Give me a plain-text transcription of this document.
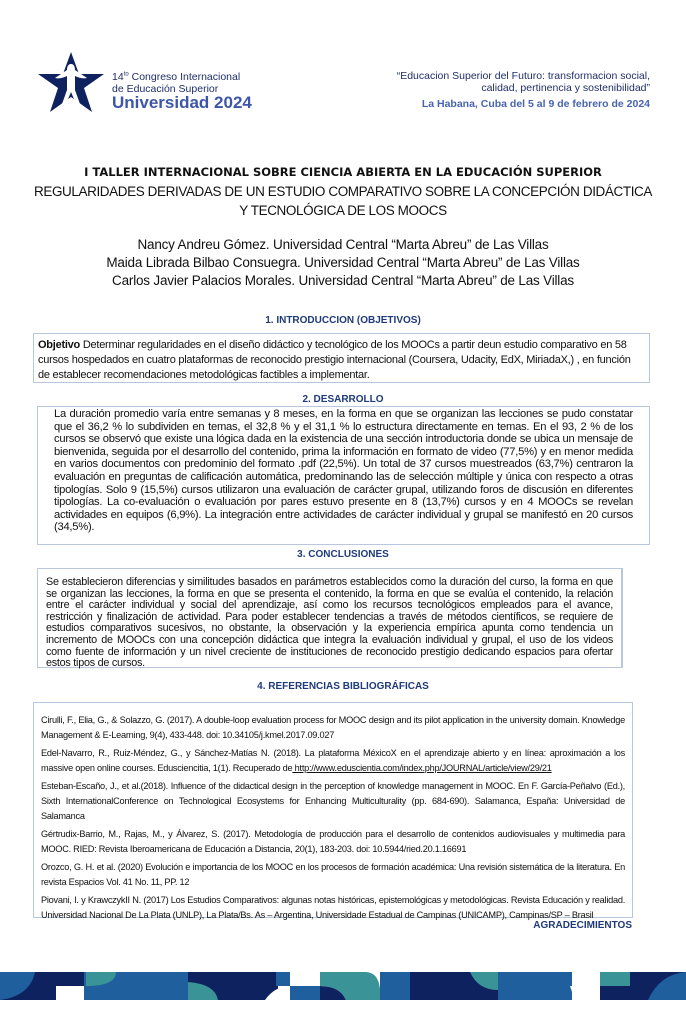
$14^{to}$ Congreso Internacional
de Educación Superior
Universidad 2024
“Educacion Superior del Futuro: transformacion social,
calidad, pertinencia y sostenibilidad”
La Habana, Cuba del 5 al 9 de febrero de 2024
I TALLER INTERNACIONAL SOBRE CIENCIA ABIERTA EN LA EDUCACIÓN SUPERIOR
REGULARIDADES DERIVADAS DE UN ESTUDIO COMPARATIVO SOBRE LA CONCEPCIÓN DIDÁCTICA
Y TECNOLÓGICA DE LOS MOOCS
Nancy Andreu Gómez. Universidad Central “Marta Abreu” de Las Villas
Maida Librada Bilbao Consuegra. Universidad Central “Marta Abreu” de Las Villas
Carlos Javier Palacios Morales. Universidad Central “Marta Abreu” de Las Villas
1. INTRODUCCION (OBJETIVOS)
Objetivo Determinar regularidades en el diseño didáctico y tecnológico de los MOOCs a partir deun estudio comparativo en 58 cursos hospedados en cuatro plataformas de reconocido prestigio internacional (Coursera, Udacity, EdX, MiriadaX,) , en función de establecer recomendaciones metodológicas factibles a implementar.
2. DESARROLLO
La duración promedio varía entre semanas y 8 meses, en la forma en que se organizan las lecciones se pudo constatar que el 36,2 % lo subdividen en temas, el 32,8 % y el 31,1 % lo estructura directamente en temas. En el 93, 2 % de los cursos se observó que existe una lógica dada en la existencia de una sección introductoria donde se ubica un mensaje de bienvenida, seguida por el desarrollo del contenido, prima la información en formato de video (77,5%) y en menor medida en varios documentos con predominio del formato .pdf (22,5%). Un total de 37 cursos muestreados (63,7%) centraron la evaluación en preguntas de calificación automática, predominando las de selección múltiple y única con respecto a otras tipologías. Solo 9 (15,5%) cursos utilizaron una evaluación de carácter grupal, utilizando foros de discusión en diferentes tipologías. La co-evaluación o evaluación por pares estuvo presente en 8 (13,7%) cursos y en 4 MOOCs se revelan actividades en equipos (6,9%). La integración entre actividades de carácter individual y grupal se manifestó en 20 cursos (34,5%).
3. CONCLUSIONES
Se establecieron diferencias y similitudes basados en parámetros establecidos como la duración del curso, la forma en que se organizan las lecciones, la forma en que se presenta el contenido, la forma en que se evalúa el contenido, la relación entre el carácter individual y social del aprendizaje, así como los recursos tecnológicos empleados para el avance, restricción y finalización de actividad. Para poder establecer tendencias a través de métodos científicos, se requiere de estudios comparativos sucesivos, no obstante, la observación y la experiencia empírica apunta como tendencia un incremento de MOOCs con una concepción didáctica que integra la evaluación individual y grupal, el uso de los videos como fuente de información y un nivel creciente de instituciones de reconocido prestigio dedicando espacios para ofertar estos tipos de cursos.
4. REFERENCIAS BIBLIOGRÁFICAS

Cirulli, F., Elia, G., & Solazzo, G. (2017). A double-loop evaluation process for MOOC design and its pilot application in the university domain. Knowledge Management & E-Learning, 9(4), 433-448. doi: 10.34105/j.kmel.2017.09.027

Edel-Navarro, R., Ruiz-Méndez, G., y Sánchez-Matías N. (2018). La plataforma MéxicoX en el aprendizaje abierto y en línea: aproximación a los massive open online courses. Edusciencitia, 1(1). Recuperado de http://www.eduscientia.com/index.php/JOURNAL/article/view/29/21

Esteban-Escaño, J., et al.(2018). Influence of the didactical design in the perception of knowledge management in MOOC. En F. García-Peñalvo (Ed.), Sixth InternationalConference on Technological Ecosystems for Enhancing Multiculturality (pp. 684-690). Salamanca, España: Universidad de Salamanca

Gértrudix-Barrio, M., Rajas, M., y Álvarez, S. (2017). Metodología de producción para el desarrollo de contenidos audiovisuales y multimedia para MOOC. RIED: Revista Iberoamericana de Educación a Distancia, 20(1), 183-203. doi: 10.5944/ried.20.1.16691

Orozco, G. H. et al. (2020) Evolución e importancia de los MOOC en los procesos de formación académica: Una revisión sistemática de la literatura. En revista Espacios Vol. 41 No. 11, PP. 12

Piovani, I. y KrawczykII N. (2017) Los Estudios Comparativos: algunas notas históricas, epistemológicas y metodológicas. Revista Educación y realidad. Universidad Nacional De La Plata (UNLP), La Plata/Bs. As – Argentina, Universidade Estadual de Campinas (UNICAMP), Campinas/SP – Brasil

AGRADECIMIENTOS
